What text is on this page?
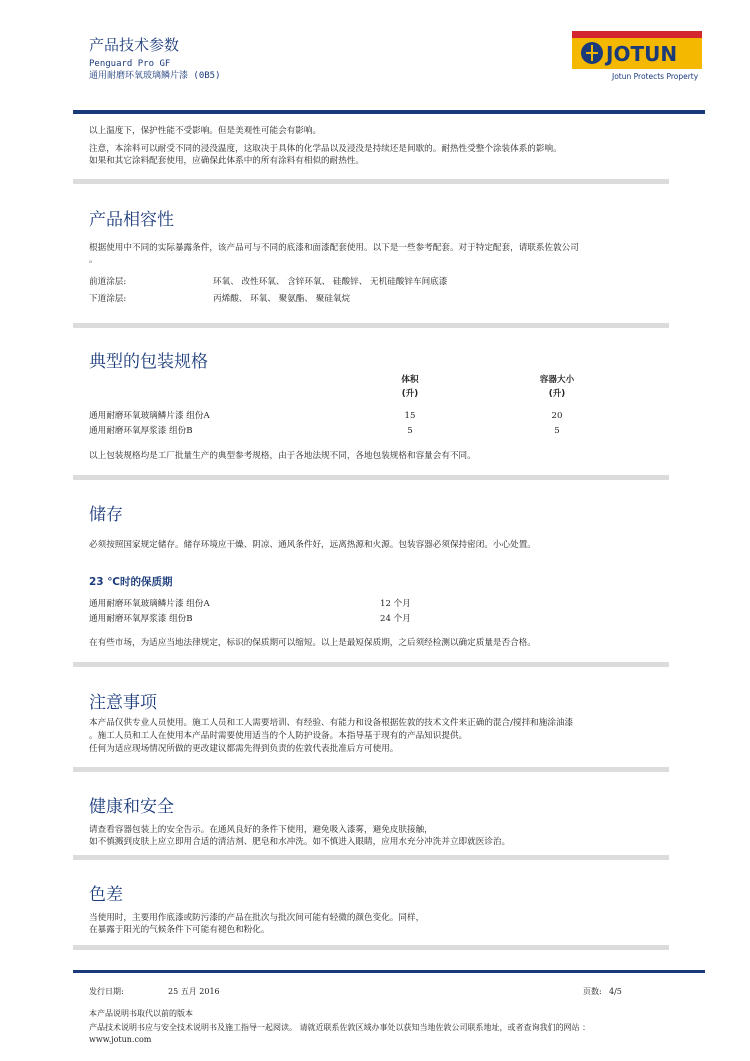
产品技术参数
Penguard Pro GF
通用耐磨环氧玻璃鳞片漆 (0B5)
JOTUN
Jotun Protects Property
以上温度下，保护性能不受影响。但是美观性可能会有影响。
注意，本涂料可以耐受不同的浸没温度，这取决于具体的化学品以及浸没是持续还是间歇的。耐热性受整个涂装体系的影响。
如果和其它涂料配套使用，应确保此体系中的所有涂料有相似的耐热性。
产品相容性
根据使用中不同的实际暴露条件，该产品可与不同的底漆和面漆配套使用。以下是一些参考配套。对于特定配套，请联系佐敦公司
。
前道涂层:	环氧、 改性环氧、 含锌环氧、 硅酸锌、 无机硅酸锌车间底漆
下道涂层:	丙烯酸、 环氧、 聚氨酯、 聚硅氧烷
典型的包装规格
体积
(升)
容器大小
(升)
通用耐磨环氧玻璃鳞片漆 组份A	15	20
通用耐磨环氧厚浆漆 组份B	5	5
以上包装规格均是工厂批量生产的典型参考规格，由于各地法规不同，各地包装规格和容量会有不同。
储存
必须按照国家规定储存。储存环境应干燥、阴凉、通风条件好，远离热源和火源。包装容器必须保持密闭。小心处置。
23 ℃时的保质期
通用耐磨环氧玻璃鳞片漆 组份A	12 个月
通用耐磨环氧厚浆漆 组份B	24 个月
在有些市场，为适应当地法律规定，标识的保质期可以缩短。以上是最短保质期，之后须经检测以确定质量是否合格。
注意事项
本产品仅供专业人员使用。施工人员和工人需要培训、有经验、有能力和设备根据佐敦的技术文件来正确的混合/搅拌和施涂油漆
。施工人员和工人在使用本产品时需要使用适当的个人防护设备。本指导基于现有的产品知识提供。
任何为适应现场情况所做的更改建议都需先得到负责的佐敦代表批准后方可使用。
健康和安全
请查看容器包装上的安全告示。在通风良好的条件下使用，避免吸入漆雾，避免皮肤接触，
如不慎溅到皮肤上应立即用合适的清洁剂、肥皂和水冲洗。如不慎进入眼睛，应用水充分冲洗并立即就医诊治。
色差
当使用时，主要用作底漆或防污漆的产品在批次与批次间可能有轻微的颜色变化。同样，
在暴露于阳光的气候条件下可能有褪色和粉化。
发行日期:	25 五月 2016	页数: 4/5
本产品说明书取代以前的版本
产品技术说明书应与安全技术说明书及施工指导一起阅读。 请就近联系佐敦区域办事处以获知当地佐敦公司联系地址，或者查询我们的网站 ：
www.jotun.com
